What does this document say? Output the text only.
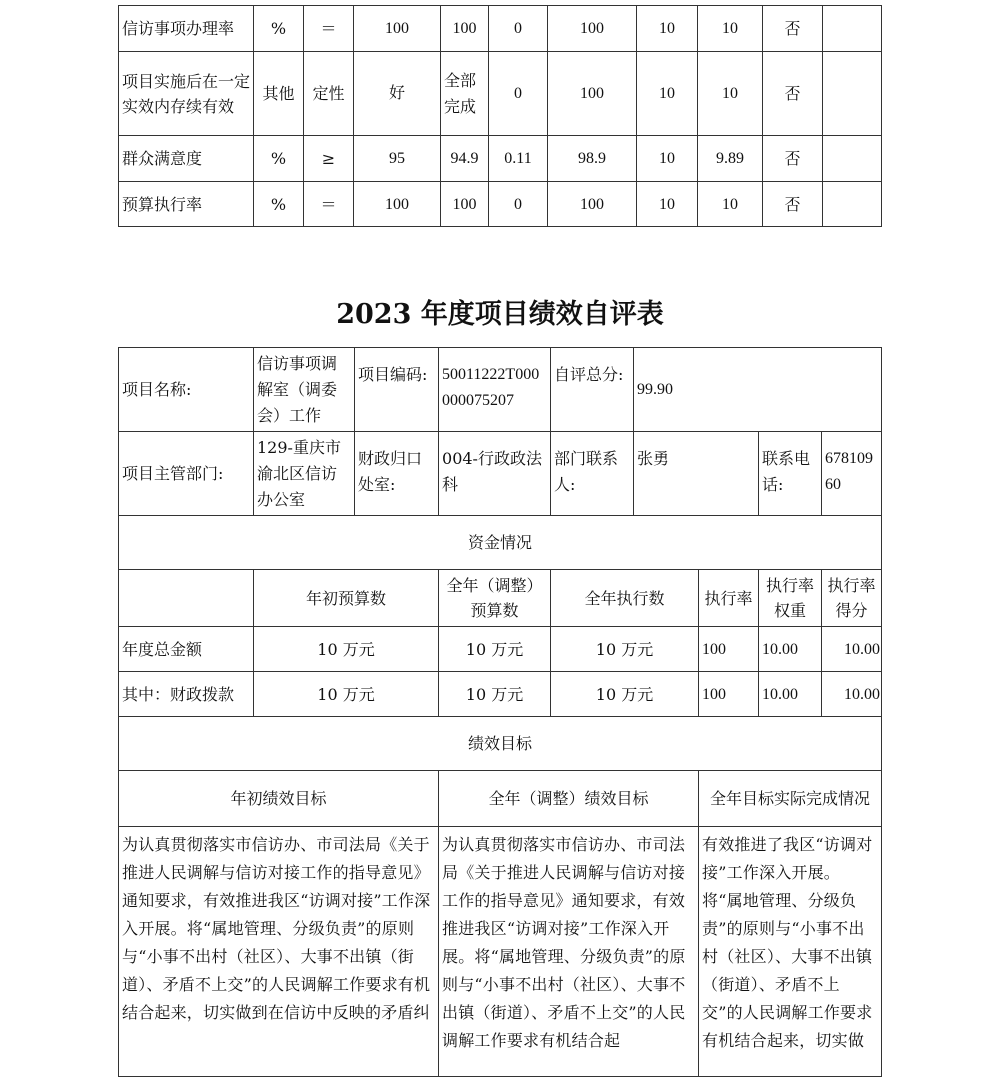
信访事项办理率	%	＝	100	100	0	100	10	10	否	
项目实施后在一定实效内存续有效	其他	定性	好	全部完成	0	100	10	10	否	
群众满意度	%	≥	95	94.9	0.11	98.9	10	9.89	否	
预算执行率	%	＝	100	100	0	100	10	10	否	
2023 年度项目绩效自评表
项目名称:	信访事项调解室（调委会）工作	项目编码:	50011222T000000075207	自评总分:	99.90			
项目主管部门:	129-重庆市渝北区信访办公室	财政归口处室:	004-行政政法科	部门联系人:	张勇		联系电话:	67810960
资金情况								
	年初预算数		全年（调整）预算数	全年执行数		执行率	执行率权重	执行率得分
年度总金额	10 万元		10 万元	10 万元		100	10.00	10.00
其中：财政拨款	10 万元		10 万元	10 万元		100	10.00	10.00
绩效目标								
年初绩效目标			全年（调整）绩效目标			全年目标实际完成情况		
为认真贯彻落实市信访办、市司法局《关于推进人民调解与信访对接工作的指导意见》通知要求，有效推进我区“访调对接”工作深入开展。将“属地管理、分级负责”的原则与“小事不出村（社区）、大事不出镇（街道）、矛盾不上交”的人民调解工作要求有机结合起来，切实做到在信访中反映的矛盾纠			为认真贯彻落实市信访办、市司法局《关于推进人民调解与信访对接工作的指导意见》通知要求，有效推进我区“访调对接”工作深入开展。将“属地管理、分级负责”的原则与“小事不出村（社区）、大事不出镇（街道）、矛盾不上交”的人民调解工作要求有机结合起			有效推进了我区“访调对接”工作深入开展。将“属地管理、分级负责”的原则与“小事不出村（社区）、大事不出镇（街道）、矛盾不上交”的人民调解工作要求有机结合起来，切实做		
